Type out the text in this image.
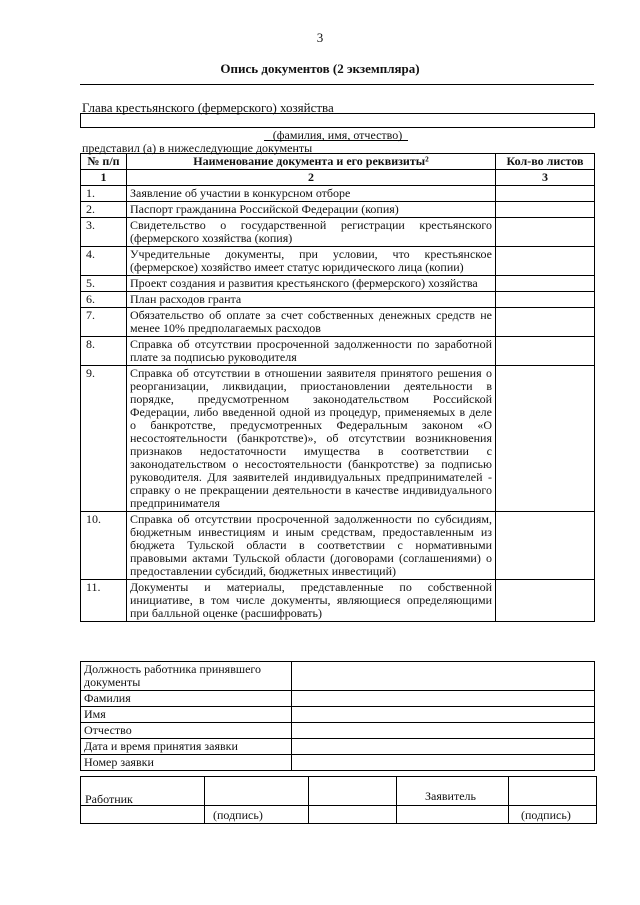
3
Опись документов (2 экземпляра)
Глава крестьянского (фермерского) хозяйства
(фамилия, имя, отчество)
представил (а) в нижеследующие документы
№ п/п	Наименование документа и его реквизиты²	Кол-во листов
1	2	3
1.	Заявление об участии в конкурсном отборе	
2.	Паспорт гражданина Российской Федерации (копия)	
3.	Свидетельство о государственной регистрации крестьянского (фермерского хозяйства (копия)	
4.	Учредительные документы, при условии, что крестьянское (фермерское) хозяйство имеет статус юридического лица (копии)	
5.	Проект создания и развития крестьянского (фермерского) хозяйства	
6.	План расходов гранта	
7.	Обязательство об оплате за счет собственных денежных средств не менее 10% предполагаемых расходов	
8.	Справка об отсутствии просроченной задолженности по заработной плате за подписью руководителя	
9.	Справка об отсутствии в отношении заявителя принятого решения о реорганизации, ликвидации, приостановлении деятельности в порядке, предусмотренном законодательством Российской Федерации, либо введенной одной из процедур, применяемых в деле о банкротстве, предусмотренных Федеральным законом «О несостоятельности (банкротстве)», об отсутствии возникновения признаков недостаточности имущества в соответствии с законодательством о несостоятельности (банкротстве) за подписью руководителя. Для заявителей индивидуальных предпринимателей - справку о не прекращении деятельности в качестве индивидуального предпринимателя	
10.	Справка об отсутствии просроченной задолженности по субсидиям, бюджетным инвестициям и иным средствам, предоставленным из бюджета Тульской области в соответствии с нормативными правовыми актами Тульской области (договорами (соглашениями) о предоставлении субсидий, бюджетных инвестиций)	
11.	Документы и материалы, представленные по собственной инициативе, в том числе документы, являющиеся определяющими при балльной оценке (расшифровать)	
Должность работника принявшего документы	
Фамилия	
Имя	
Отчество	
Дата и время принятия заявки	
Номер заявки	
Работник	Заявитель
(подпись)	(подпись)
